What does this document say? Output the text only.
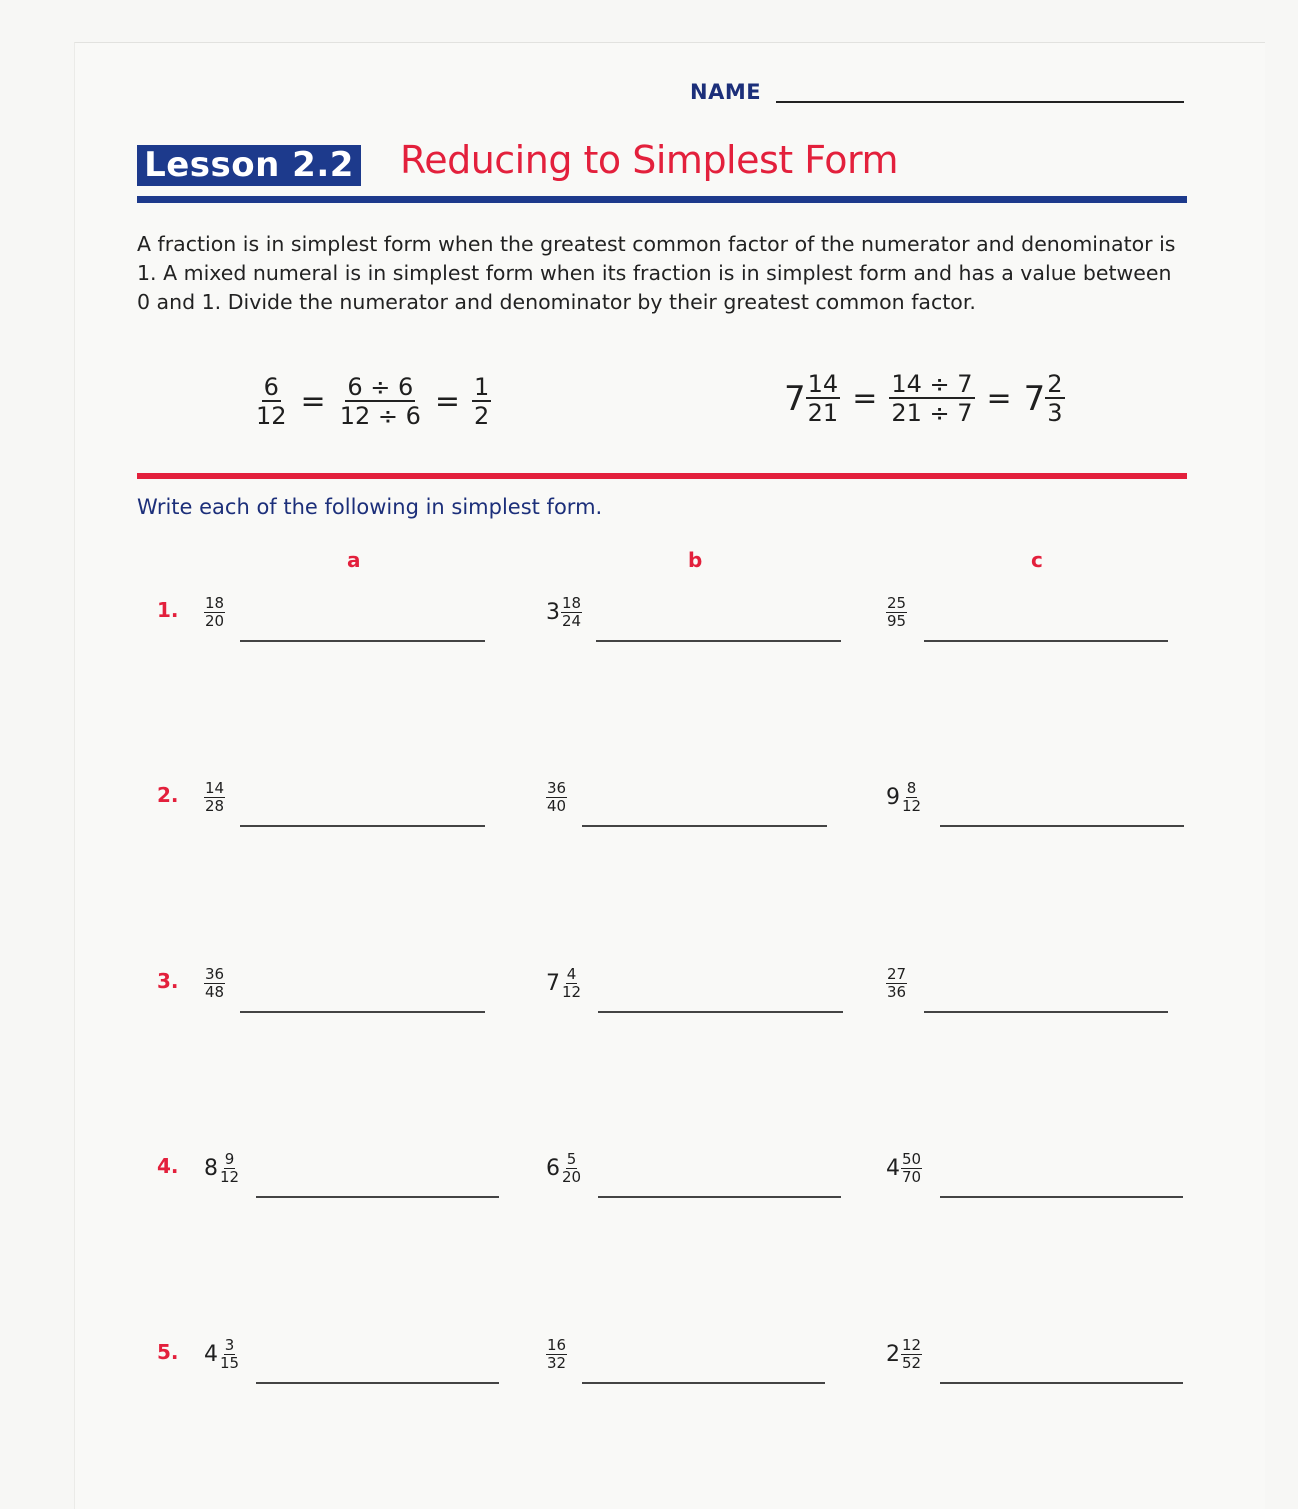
NAME
Lesson 2.2 Reducing to Simplest Form

A fraction is in simplest form when the greatest common factor of the numerator and denominator is 1. A mixed numeral is in simplest form when its fraction is in simplest form and has a value between 0 and 1. Divide the numerator and denominator by their greatest common factor.

$\frac{6}{12} = \frac{6 \div 6}{12 \div 6} = \frac{1}{2}$	$7 \frac{14}{21} = \frac{14 \div 7}{21 \div 7} = 7 \frac{2}{3}$
Write each of the following in simplest form.
a	b	c
1. $\frac{18}{20}$	$3 \frac{18}{24}$	$\frac{25}{95}$
2. $\frac{14}{28}$	$\frac{36}{40}$	$9 \frac{8}{12}$
3. $\frac{36}{48}$	$7 \frac{4}{12}$	$\frac{27}{36}$
4. $8 \frac{9}{12}$	$6 \frac{5}{20}$	$4 \frac{50}{70}$
5. $4 \frac{3}{15}$	$\frac{16}{32}$	$2 \frac{12}{52}$
